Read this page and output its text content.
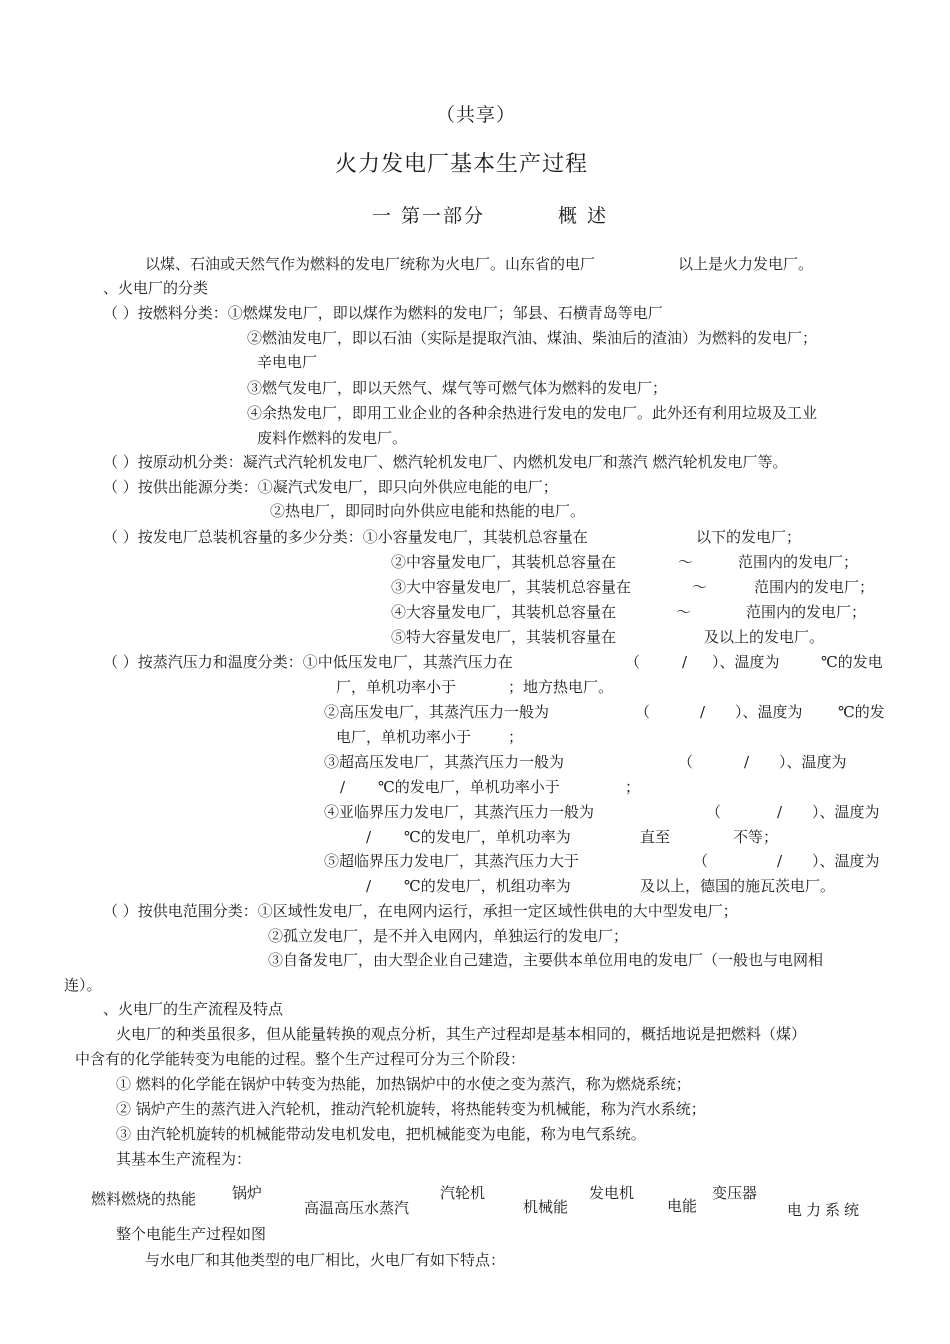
（共享）
火力发电厂基本生产过程
一 第一部分	概 述
以煤、石油或天然气作为燃料的发电厂统称为火电厂。山东省的电厂	以上是火力发电厂。
、火电厂的分类
（ ）按燃料分类：①燃煤发电厂，即以煤作为燃料的发电厂；邹县、石横青岛等电厂
②燃油发电厂，即以石油（实际是提取汽油、煤油、柴油后的渣油）为燃料的发电厂；
辛电电厂
③燃气发电厂，即以天然气、煤气等可燃气体为燃料的发电厂；
④余热发电厂，即用工业企业的各种余热进行发电的发电厂。此外还有利用垃圾及工业
废料作燃料的发电厂。
（ ）按原动机分类：凝汽式汽轮机发电厂、燃汽轮机发电厂、内燃机发电厂和蒸汽 燃汽轮机发电厂等。
（ ）按供出能源分类：①凝汽式发电厂，即只向外供应电能的电厂；
②热电厂，即同时向外供应电能和热能的电厂。
（ ）按发电厂总装机容量的多少分类：①小容量发电厂，其装机总容量在	以下的发电厂；
②中容量发电厂，其装机总容量在	～	范围内的发电厂；
③大中容量发电厂，其装机总容量在	～	范围内的发电厂；
④大容量发电厂，其装机总容量在	～	范围内的发电厂；
⑤特大容量发电厂，其装机容量在	及以上的发电厂。
（ ）按蒸汽压力和温度分类：①中低压发电厂，其蒸汽压力在	（	/ ）、温度为	℃的发电
厂，单机功率小于	；地方热电厂。
②高压发电厂，其蒸汽压力一般为	（	/ ）、温度为 ℃的发
电厂，单机功率小于 ；
③超高压发电厂，其蒸汽压力一般为	（	/ ）、温度为
/ ℃的发电厂，单机功率小于	；
④亚临界压力发电厂，其蒸汽压力一般为	（	/ ）、温度为
/ ℃的发电厂，单机功率为	直至	不等；
⑤超临界压力发电厂，其蒸汽压力大于	（	/ ）、温度为
/ ℃的发电厂，机组功率为	及以上，德国的施瓦茨电厂。
（ ）按供电范围分类：①区域性发电厂，在电网内运行，承担一定区域性供电的大中型发电厂；
②孤立发电厂，是不并入电网内，单独运行的发电厂；
③自备发电厂，由大型企业自己建造，主要供本单位用电的发电厂（一般也与电网相
连）。
、火电厂的生产流程及特点
火电厂的种类虽很多，但从能量转换的观点分析，其生产过程却是基本相同的，概括地说是把燃料（煤）
中含有的化学能转变为电能的过程。整个生产过程可分为三个阶段：
① 燃料的化学能在锅炉中转变为热能，加热锅炉中的水使之变为蒸汽，称为燃烧系统；
② 锅炉产生的蒸汽进入汽轮机，推动汽轮机旋转，将热能转变为机械能，称为汽水系统；
③ 由汽轮机旋转的机械能带动发电机发电，把机械能变为电能，称为电气系统。
其基本生产流程为：
燃料燃烧的热能 锅炉
高温高压水蒸汽
汽轮机
机械能
发电机
电能
变压器
电力系统
整个电能生产过程如图
与水电厂和其他类型的电厂相比，火电厂有如下特点：
